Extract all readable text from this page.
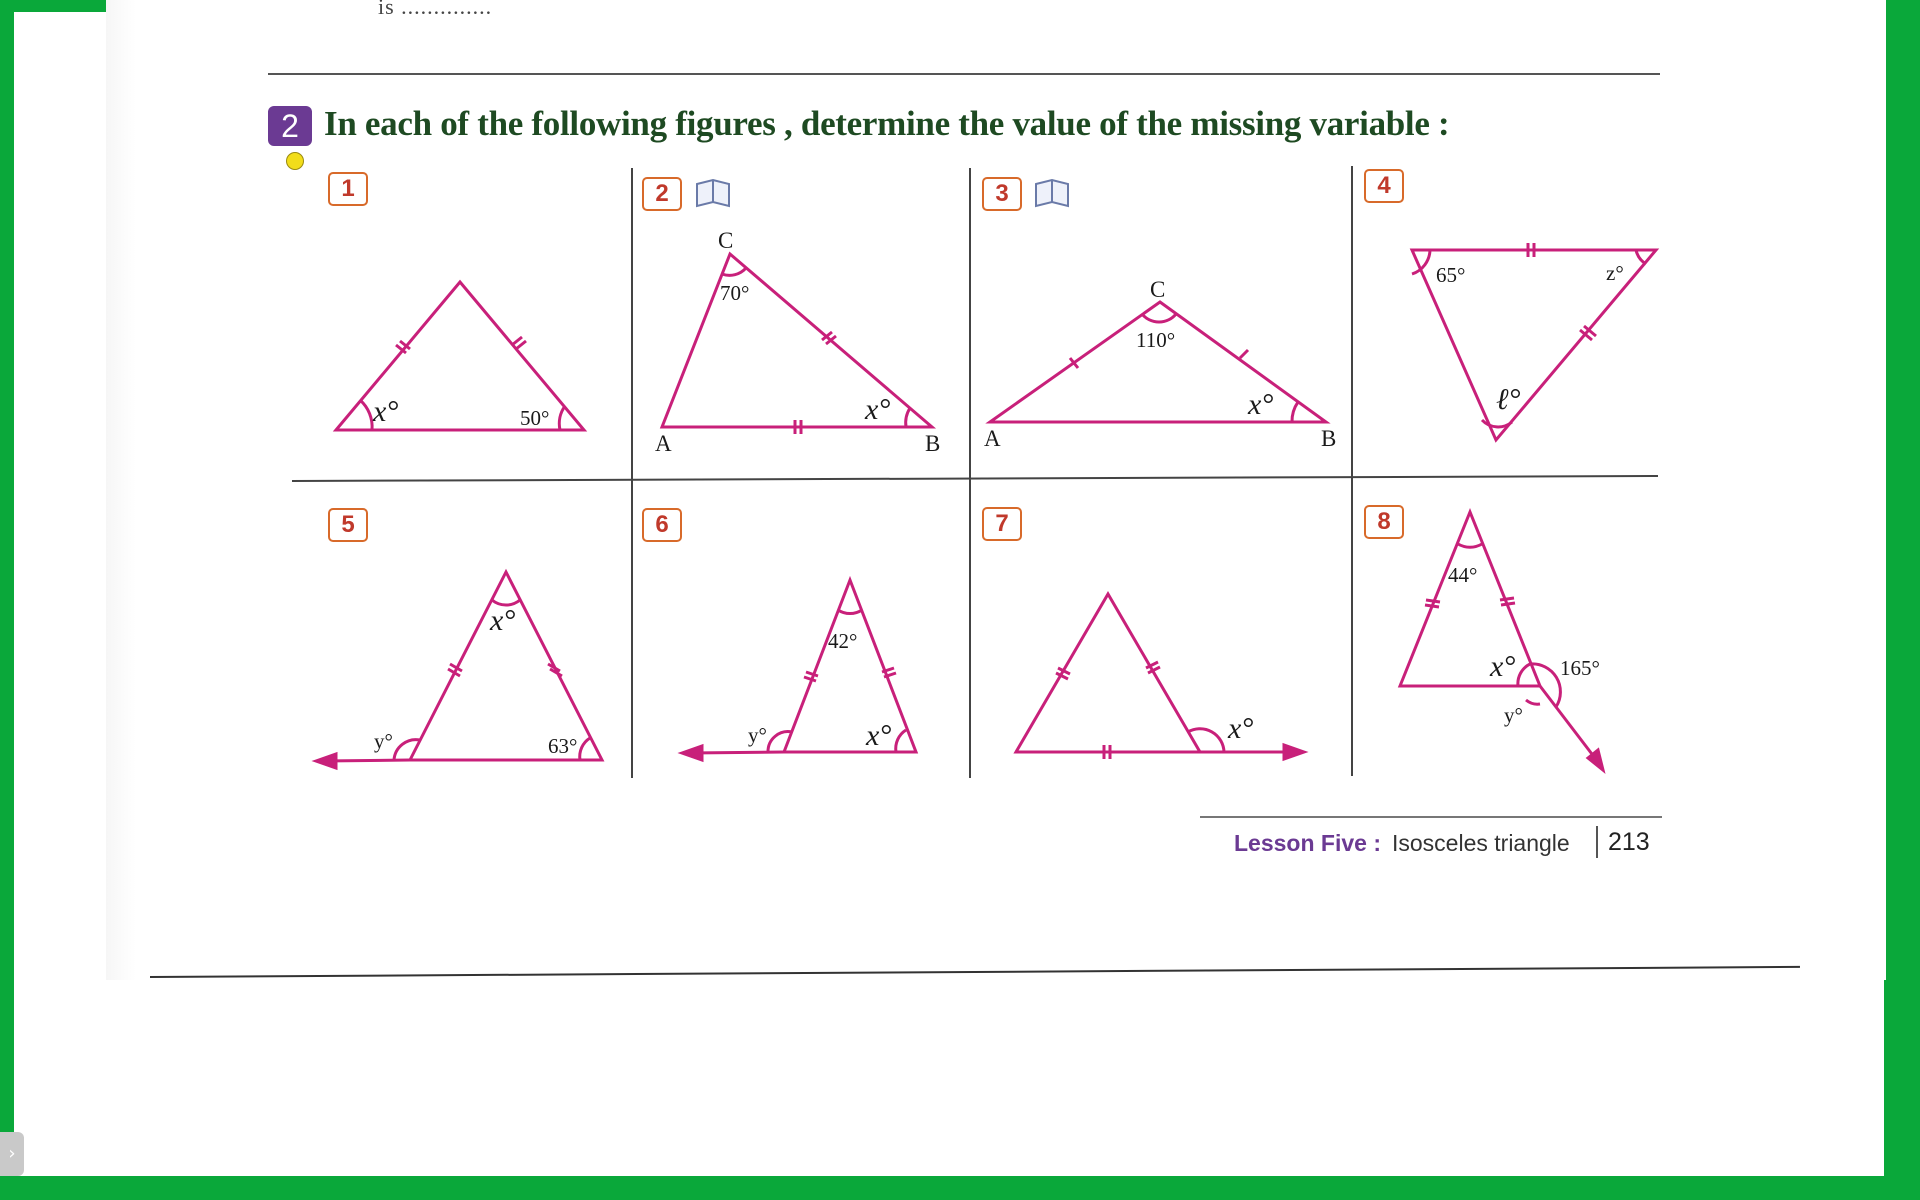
is ..............
2 In each of the following figures , determine the value of the missing variable :
1	2	3	4
5	6	7	8
x°	50°
C
A	B
70°
x°
C
A	B
110°
x°
65°	z°
ℓ°
x°
y°	63°
42°
y°	x°	x°
44°
x° 165°
y°
Lesson Five : Isosceles triangle 213
›
